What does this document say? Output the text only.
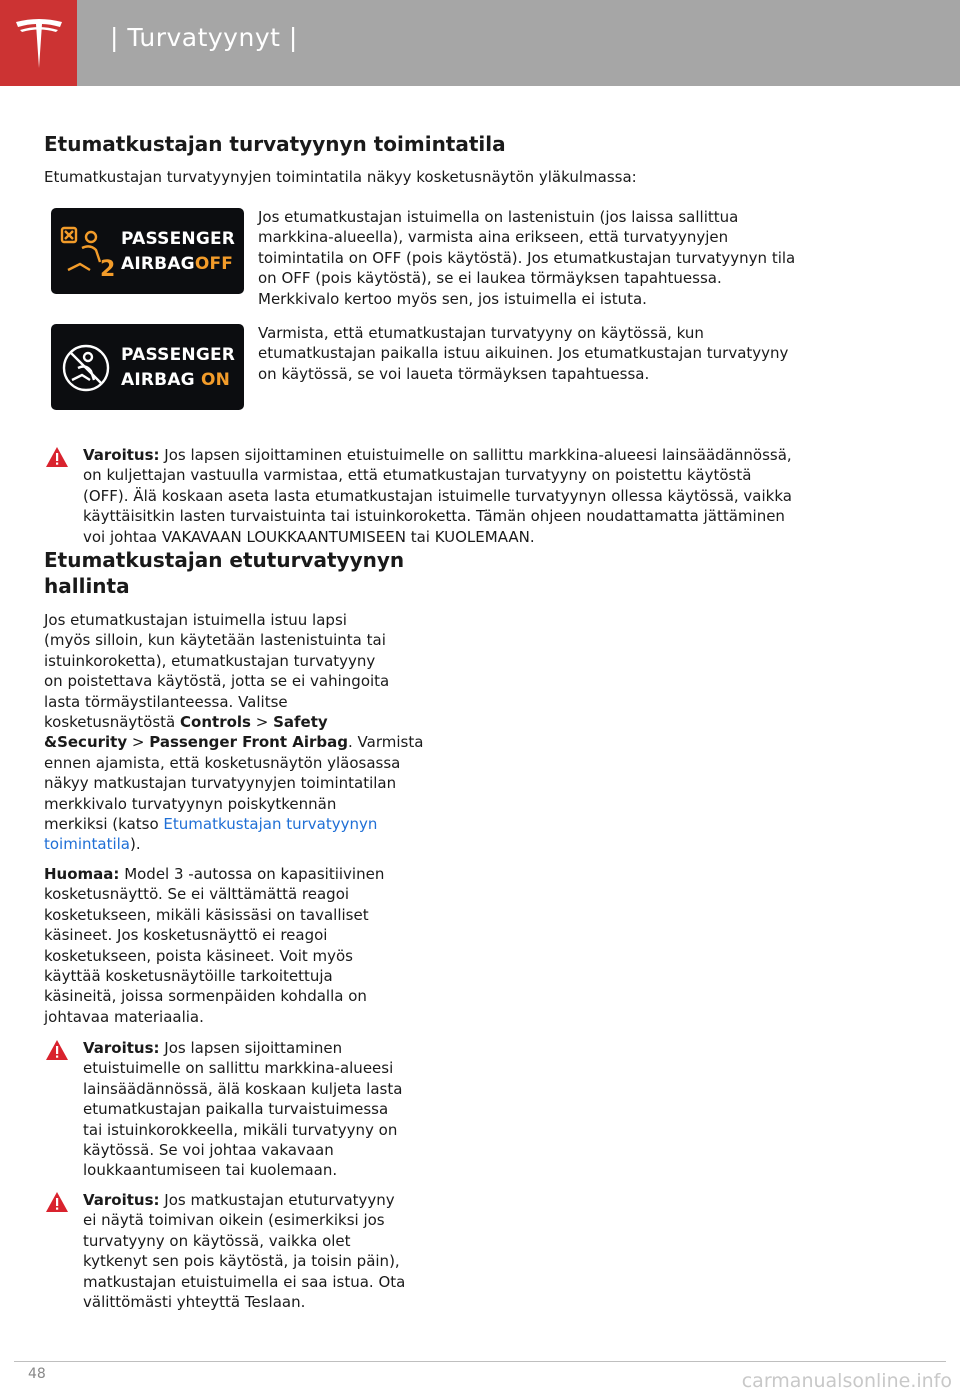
| Turvatyynyt |
Etumatkustajan turvatyynyn toimintatila
Etumatkustajan turvatyynyjen toimintatila näkyy kosketusnäytön yläkulmassa:
2
PASSENGER
AIRBAGOFF
Jos etumatkustajan istuimella on lastenistuin (jos laissa sallittua
markkina-alueella), varmista aina erikseen, että turvatyynyjen
toimintatila on OFF (pois käytöstä). Jos etumatkustajan turvatyynyn tila
on OFF (pois käytöstä), se ei laukea törmäyksen tapahtuessa.
Merkkivalo kertoo myös sen, jos istuimella ei istuta.
PASSENGER
AIRBAG ON
Varmista, että etumatkustajan turvatyyny on käytössä, kun
etumatkustajan paikalla istuu aikuinen. Jos etumatkustajan turvatyyny
on käytössä, se voi laueta törmäyksen tapahtuessa.
Varoitus: Jos lapsen sijoittaminen etuistuimelle on sallittu markkina-alueesi lainsäädännössä,
on kuljettajan vastuulla varmistaa, että etumatkustajan turvatyyny on poistettu käytöstä
(OFF). Älä koskaan aseta lasta etumatkustajan istuimelle turvatyynyn ollessa käytössä, vaikka
käyttäisitkin lasten turvaistuinta tai istuinkoroketta. Tämän ohjeen noudattamatta jättäminen
voi johtaa VAKAVAAN LOUKKAANTUMISEEN tai KUOLEMAAN.
Etumatkustajan etuturvatyynyn
hallinta
Jos etumatkustajan istuimella istuu lapsi
(myös silloin, kun käytetään lastenistuinta tai
istuinkoroketta), etumatkustajan turvatyyny
on poistettava käytöstä, jotta se ei vahingoita
lasta törmäystilanteessa. Valitse
kosketusnäytöstä Controls > Safety
&Security > Passenger Front Airbag. Varmista
ennen ajamista, että kosketusnäytön yläosassa
näkyy matkustajan turvatyynyjen toimintatilan
merkkivalo turvatyynyn poiskytkennän
merkiksi (katso Etumatkustajan turvatyynyn
toimintatila).
Huomaa: Model 3 -autossa on kapasitiivinen
kosketusnäyttö. Se ei välttämättä reagoi
kosketukseen, mikäli käsissäsi on tavalliset
käsineet. Jos kosketusnäyttö ei reagoi
kosketukseen, poista käsineet. Voit myös
käyttää kosketusnäytöille tarkoitettuja
käsineitä, joissa sormenpäiden kohdalla on
johtavaa materiaalia.
Varoitus: Jos lapsen sijoittaminen
etuistuimelle on sallittu markkina-alueesi
lainsäädännössä, älä koskaan kuljeta lasta
etumatkustajan paikalla turvaistuimessa
tai istuinkorokkeella, mikäli turvatyyny on
käytössä. Se voi johtaa vakavaan
loukkaantumiseen tai kuolemaan.
Varoitus: Jos matkustajan etuturvatyyny
ei näytä toimivan oikein (esimerkiksi jos
turvatyyny on käytössä, vaikka olet
kytkenyt sen pois käytöstä, ja toisin päin),
matkustajan etuistuimella ei saa istua. Ota
välittömästi yhteyttä Teslaan.
48	carmanualsonline.info
